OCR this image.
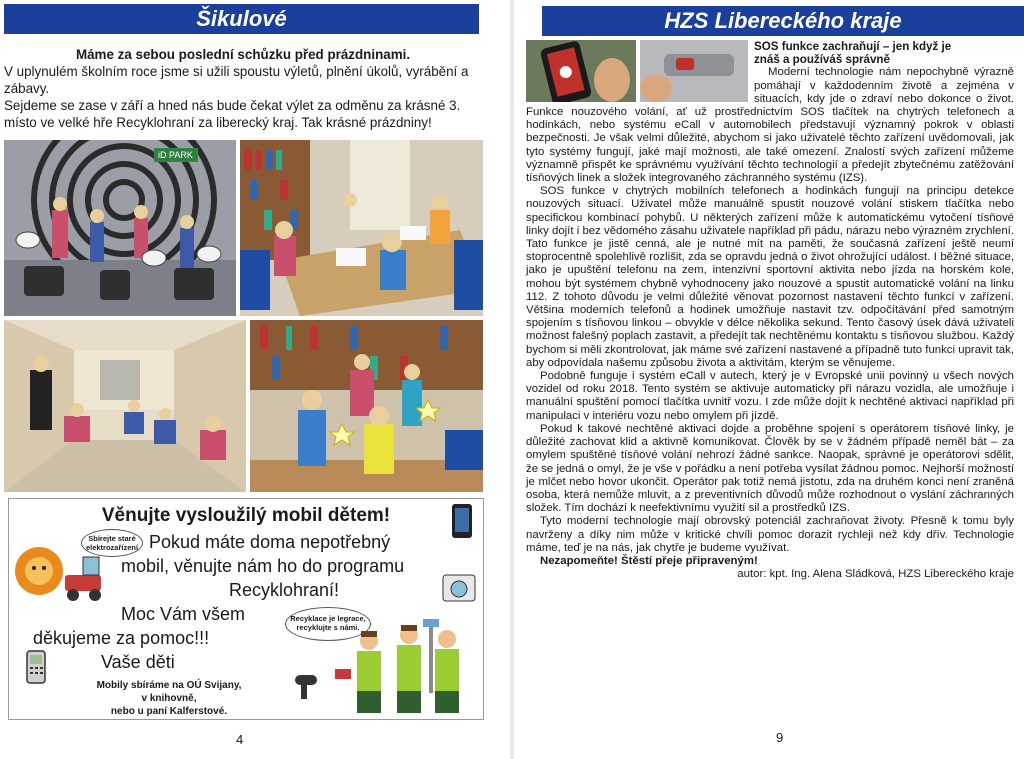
Šikulové

Máme za sebou poslední schůzku před prázdninami.

V uplynulém školním roce jsme si užili spoustu výletů, plnění úkolů, vyrábění a zábavy.

Sejdeme se zase v září a hned nás bude čekat výlet za odměnu za krásné 3. místo ve velké hře Recyklohraní za liberecký kraj. Tak krásné prázdniny!

iD PARK
Věnujte vysloužilý mobil dětem!
Pokud máte doma nepotřebný
mobil, věnujte nám ho do programu
Recyklohraní!
Moc Vám všem
děkujeme za pomoc!!!
Vaše děti
Mobily sbíráme na OÚ Svijany,
v knihovně,
nebo u paní Kalferstové.
Sbírejte staré
elektrozařízení
Recyklace je legrace,
recyklujte s námi.
4
HZS Libereckého kraje
SOS funkce zachraňují – jen když je
znáš a používáš správně

Moderní technologie nám nepochybně výrazně pomáhají v každodenním životě a zejména v situacích, kdy jde o zdraví nebo dokonce o život. Funkce nouzového volání, ať už prostřednictvím SOS tlačítek na chytrých telefonech a hodinkách, nebo systému eCall v automobilech představují významný pokrok v oblasti bezpečnosti. Je však velmi důležité, abychom si jako uživatelé těchto zařízení uvědomovali, jak tyto systémy fungují, jaké mají možnosti, ale také omezení. Znalostí svých zařízení můžeme významně přispět ke správnému využívání těchto technologií a předejít zbytečnému zatěžování tísňových linek a složek integrovaného záchranného systému (IZS).

SOS funkce v chytrých mobilních telefonech a hodinkách fungují na principu detekce nouzových situací. Uživatel může manuálně spustit nouzové volání stiskem tlačítka nebo specifickou kombinací pohybů. U některých zařízení může k automatickému vytočení tísňové linky dojít i bez vědomého zásahu uživatele například při pádu, nárazu nebo výrazném zrychlení. Tato funkce je jistě cenná, ale je nutné mít na paměti, že současná zařízení ještě neumí stoprocentně spolehlivě rozlišit, zda se opravdu jedná o život ohrožující událost. I běžné situace, jako je upuštění telefonu na zem, intenzivní sportovní aktivita nebo jízda na horském kole, mohou být systémem chybně vyhodnoceny jako nouzové a spustit automatické volání na linku 112. Z tohoto důvodu je velmi důležité věnovat pozornost nastavení těchto funkcí v zařízení. Většina moderních telefonů a hodinek umožňuje nastavit tzv. odpočítávání před samotným spojením s tísňovou linkou – obvykle v délce několika sekund. Tento časový úsek dává uživateli možnost falešný poplach zastavit, a předejít tak nechtěnému kontaktu s tísňovou službou. Každý bychom si měli zkontrolovat, jak máme své zařízení nastavené a případně tuto funkci upravit tak, aby odpovídala našemu způsobu života a aktivitám, kterým se věnujeme.

Podobně funguje i systém eCall v autech, který je v Evropské unii povinný u všech nových vozidel od roku 2018. Tento systém se aktivuje automaticky při nárazu vozidla, ale umožňuje i manuální spuštění pomocí tlačítka uvnitř vozu. I zde může dojít k nechtěné aktivaci například při manipulaci v interiéru vozu nebo omylem při jízdě.

Pokud k takové nechtěné aktivaci dojde a proběhne spojení s operátorem tísňové linky, je důležité zachovat klid a aktivně komunikovat. Člověk by se v žádném případě neměl bát – za omylem spuštěné tísňové volání nehrozí žádné sankce. Naopak, správné je operátorovi sdělit, že se jedná o omyl, že je vše v pořádku a není potřeba vysílat žádnou pomoc. Nejhorší možností je mlčet nebo hovor ukončit. Operátor pak totiž nemá jistotu, zda na druhém konci není zraněná osoba, která nemůže mluvit, a z preventivních důvodů může rozhodnout o vyslání záchranných složek. Tím dochází k neefektivnímu využití sil a prostředků IZS.

Tyto moderní technologie mají obrovský potenciál zachraňovat životy. Přesně k tomu byly navrženy a díky nim může v kritické chvíli pomoc dorazit rychleji než kdy dřív. Technologie máme, teď je na nás, jak chytře je budeme využívat.

Nezapomeňte! Štěstí přeje připraveným!

autor: kpt. Ing. Alena Sládková, HZS Libereckého kraje
9
